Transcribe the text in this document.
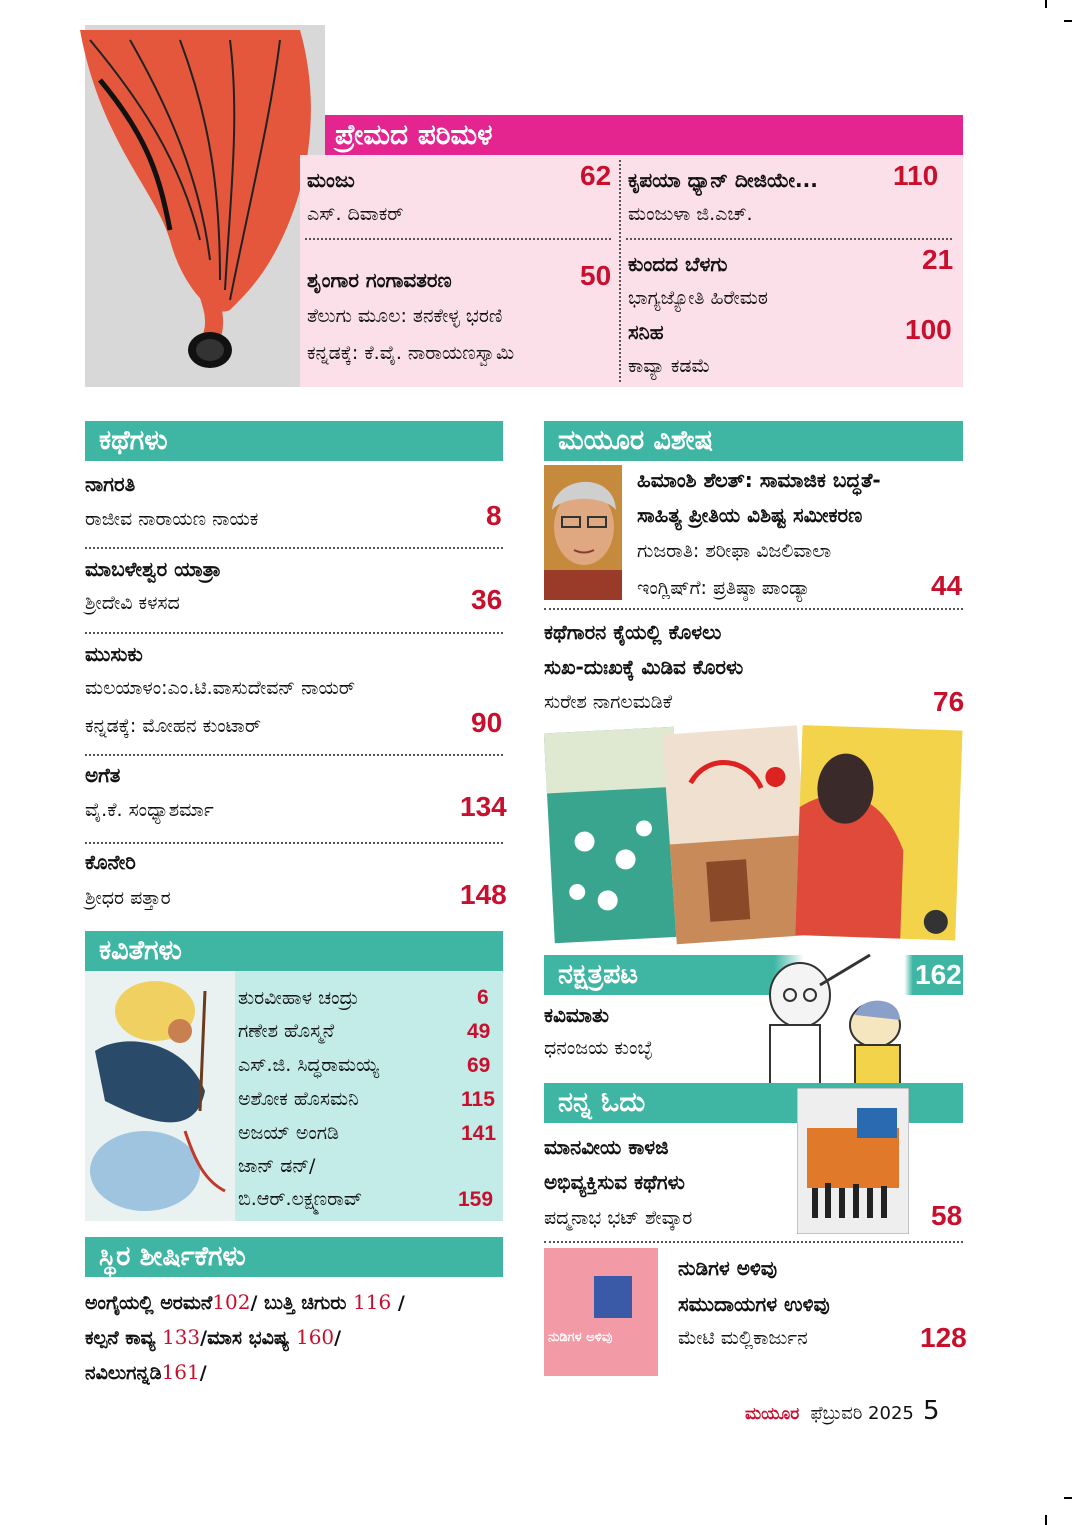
ಪ್ರೇಮದ ಪರಿಮಳ
ಮಂಜು	62
ಎಸ್. ದಿವಾಕರ್
ಕೃಪಯಾ ಧ್ಯಾನ್ ದೀಜಿಯೇ...	110
ಮಂಜುಳಾ ಜಿ.ಎಚ್.
ಶೃಂಗಾರ ಗಂಗಾವತರಣ	50
ತೆಲುಗು ಮೂಲ: ತನಕೇಳ್ಳ ಭರಣಿ
ಕನ್ನಡಕ್ಕೆ: ಕೆ.ವೈ. ನಾರಾಯಣಸ್ವಾಮಿ
ಕುಂದದ ಬೆಳಗು	21
ಭಾಗ್ಯಜ್ಯೋತಿ ಹಿರೇಮಠ
ಸನಿಹ	100
ಕಾವ್ಯಾ ಕಡಮೆ
ಕಥೆಗಳು
ನಾಗರತಿ
ರಾಜೀವ ನಾರಾಯಣ ನಾಯಕ	8
ಮಾಬಳೇಶ್ವರ ಯಾತ್ರಾ
ಶ್ರೀದೇವಿ ಕಳಸದ	36
ಮುಸುಕು
ಮಲಯಾಳಂ:ಎಂ.ಟಿ.ವಾಸುದೇವನ್ ನಾಯರ್
ಕನ್ನಡಕ್ಕೆ: ಮೋಹನ ಕುಂಟಾರ್	90
ಅಗೆತ
ವೈ.ಕೆ. ಸಂಧ್ಯಾಶರ್ಮಾ	134
ಕೊನೇರಿ
ಶ್ರೀಧರ ಪತ್ತಾರ	148
ಕವಿತೆಗಳು
ತುರವೀಹಾಳ ಚಂದ್ರು	6
ಗಣೇಶ ಹೊಸ್ಮನೆ	49
ಎಸ್.ಜಿ. ಸಿದ್ಧರಾಮಯ್ಯ	69
ಅಶೋಕ ಹೊಸಮನಿ	115
ಅಜಯ್ ಅಂಗಡಿ	141
ಜಾನ್ ಡನ್/
ಬಿ.ಆರ್.ಲಕ್ಷ್ಮಣರಾವ್	159
ಸ್ಥಿರ ಶೀರ್ಷಿಕೆಗಳು
ಅಂಗೈಯಲ್ಲಿ ಅರಮನೆ102/ ಬುತ್ತಿ ಚಿಗುರು 116 /
ಕಲ್ಪನೆ ಕಾವ್ಯ 133/ಮಾಸ ಭವಿಷ್ಯ 160/
ನವಿಲುಗನ್ನಡಿ161/
ಮಯೂರ ವಿಶೇಷ
ಹಿಮಾಂಶಿ ಶೆಲತ್: ಸಾಮಾಜಿಕ ಬದ್ಧತೆ-
ಸಾಹಿತ್ಯ ಪ್ರೀತಿಯ ವಿಶಿಷ್ಟ ಸಮೀಕರಣ
ಗುಜರಾತಿ: ಶರೀಫಾ ವಿಜಲಿವಾಲಾ
ಇಂಗ್ಲಿಷ್‌ಗೆ: ಪ್ರತಿಷ್ಠಾ ಪಾಂಡ್ಯಾ	44
ಕಥೆಗಾರನ ಕೈಯಲ್ಲಿ ಕೊಳಲು
ಸುಖ-ದುಃಖಕ್ಕೆ ಮಿಡಿವ ಕೊರಳು
ಸುರೇಶ ನಾಗಲಮಡಿಕೆ	76
ನಕ್ಷತ್ರಪಟ	162
ಕವಿಮಾತು
ಧನಂಜಯ ಕುಂಬ್ಳೆ
ನನ್ನ ಓದು
ಮಾನವೀಯ ಕಾಳಜಿ
ಅಭಿವ್ಯಕ್ತಿಸುವ ಕಥೆಗಳು
ಪದ್ಮನಾಭ ಭಟ್ ಶೇವ್ಕಾರ	58
ನುಡಿಗಳ ಅಳಿವು
ನುಡಿಗಳ ಅಳಿವು
ಸಮುದಾಯಗಳ ಉಳಿವು
ಮೇಟಿ ಮಲ್ಲಿಕಾರ್ಜುನ	128
ಮಯೂರ ಫೆಬ್ರುವರಿ 2025 5
